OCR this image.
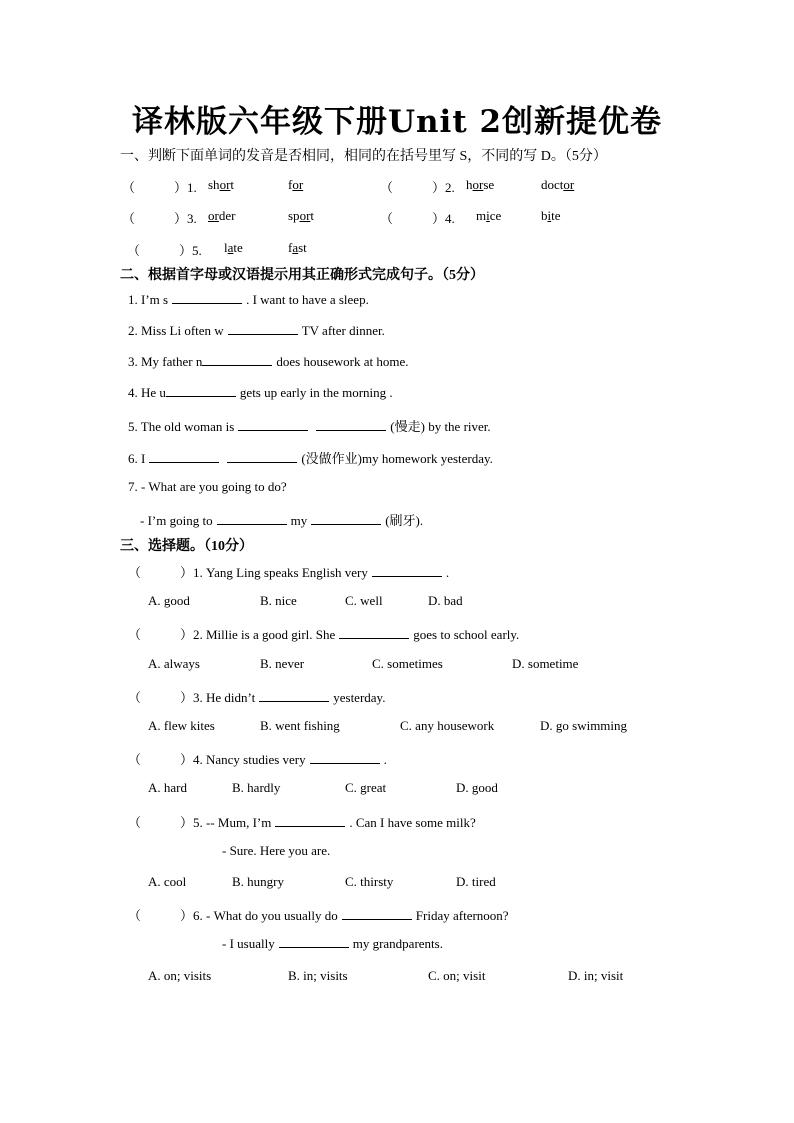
译林版六年级下册Unit 2创新提优卷
一、判断下面单词的发音是否相同，相同的在括号里写 S，不同的写 D。（5分）
（　　　）1. short	for	（　　　）2. horse	doctor
（　　　）3. order	sport	（　　　）4. mice	bite
（　　　）5. late	fast
二、根据首字母或汉语提示用其正确形式完成句子。（5分）
1. I’m s	. I want to have a sleep.
2. Miss Li often w	TV after dinner.
3. My father n	does housework at home.
4. He u	gets up early in the morning .
5. The old woman is	(慢走) by the river.
6. I	(没做作业)my homework yesterday.
7. - What are you going to do?
- I’m going to	my	(刷牙).
三、选择题。（10分）
（　　　）1. Yang Ling speaks English very	.
A. good	B. nice	C. well	D. bad
（　　　）2. Millie is a good girl. She	goes to school early.
A. always	B. never	C. sometimes	D. sometime
（　　　）3. He didn’t	yesterday.
A. flew kites	B. went fishing	C. any housework	D. go swimming
（　　　）4. Nancy studies very	.
A. hard	B. hardly	C. great	D. good
（　　　）5. -- Mum, I’m	. Can I have some milk?
- Sure. Here you are.
A. cool	B. hungry	C. thirsty	D. tired
（　　　）6. - What do you usually do	Friday afternoon?
- I usually	my grandparents.
A. on; visits	B. in; visits	C. on; visit	D. in; visit
